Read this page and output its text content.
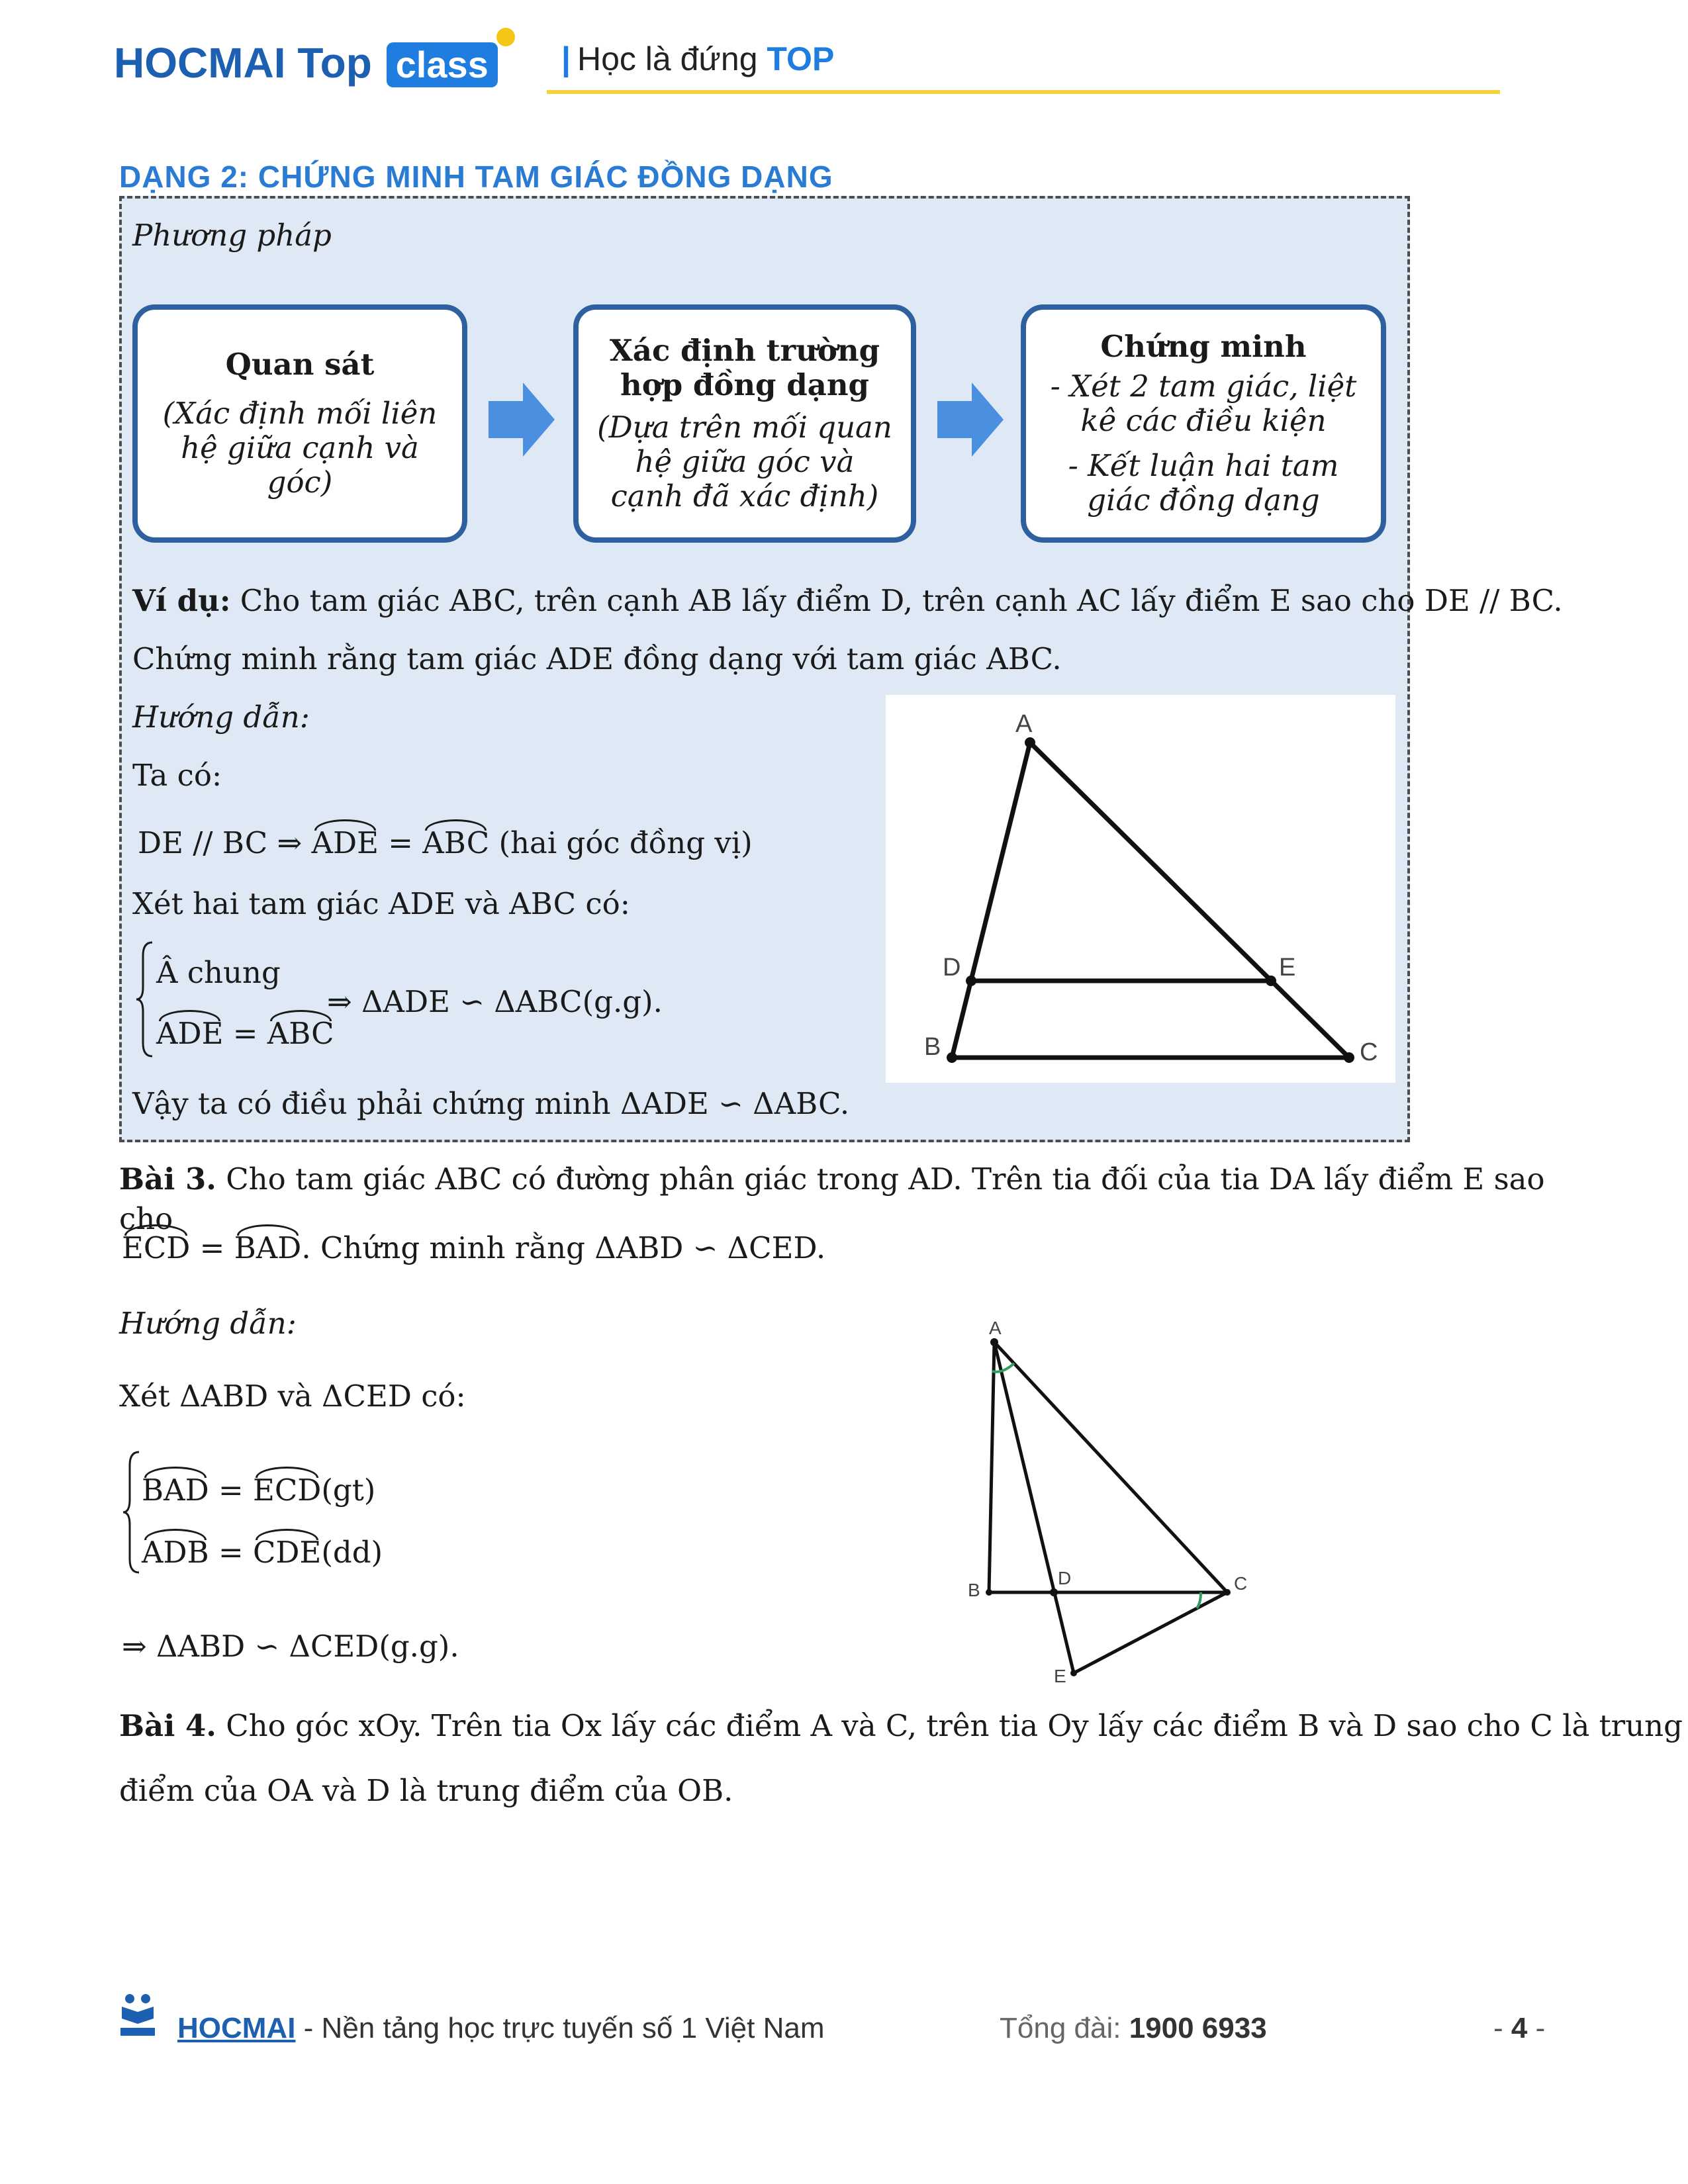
HOCMAI Top class | Học là đứng TOP
DẠNG 2: CHỨNG MINH TAM GIÁC ĐỒNG DẠNG
Phương pháp
Quan sát
(Xác định mối liên hệ giữa cạnh và góc)
Xác định trường hợp đồng dạng
(Dựa trên mối quan hệ giữa góc và cạnh đã xác định)
Chứng minh
- Xét 2 tam giác, liệt kê các điều kiện
- Kết luận hai tam giác đồng dạng
Ví dụ: Cho tam giác ABC, trên cạnh AB lấy điểm D, trên cạnh AC lấy điểm E sao cho DE // BC.
Chứng minh rằng tam giác ADE đồng dạng với tam giác ABC.
Hướng dẫn:
Ta có:
DE // BC ⇒ ADE = ABC (hai góc đồng vị)
Xét hai tam giác ADE và ABC có:
Â chung
ADE = ABC
⇒ ΔADE ∽ ΔABC(g.g).
Vậy ta có điều phải chứng minh ΔADE ∽ ΔABC.
A
D	E
B	C
Bài 3. Cho tam giác ABC có đường phân giác trong AD. Trên tia đối của tia DA lấy điểm E sao cho
ECD = BAD. Chứng minh rằng ΔABD ∽ ΔCED.
Hướng dẫn:
Xét ΔABD và ΔCED có:
BAD = ECD(gt)
ADB = CDE(dd)
⇒ ΔABD ∽ ΔCED(g.g).
A
B	C
D
E
Bài 4. Cho góc xOy. Trên tia Ox lấy các điểm A và C, trên tia Oy lấy các điểm B và D sao cho C là trung
điểm của OA và D là trung điểm của OB.
HOCMAI - Nền tảng học trực tuyến số 1 Việt Nam	Tổng đài: 1900 6933	- 4 -
